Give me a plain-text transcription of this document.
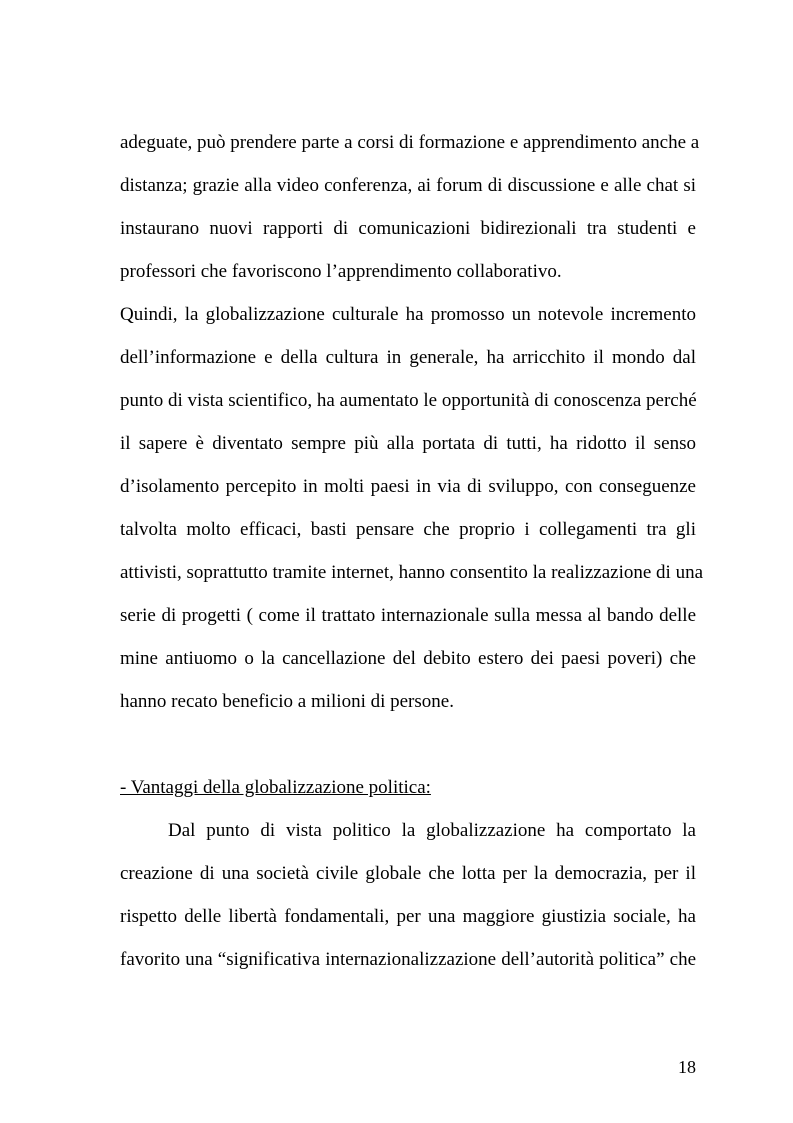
adeguate, può prendere parte a corsi di formazione e apprendimento anche a
distanza; grazie alla video conferenza, ai forum di discussione e alle chat si
instaurano nuovi rapporti di comunicazioni bidirezionali tra studenti e
professori che favoriscono l’apprendimento collaborativo.
Quindi, la globalizzazione culturale ha promosso un notevole incremento
dell’informazione e della cultura in generale, ha arricchito il mondo dal
punto di vista scientifico, ha aumentato le opportunità di conoscenza perché
il sapere è diventato sempre più alla portata di tutti, ha ridotto il senso
d’isolamento percepito in molti paesi in via di sviluppo, con conseguenze
talvolta molto efficaci, basti pensare che proprio i collegamenti tra gli
attivisti, soprattutto tramite internet, hanno consentito la realizzazione di una
serie di progetti ( come il trattato internazionale sulla messa al bando delle
mine antiuomo o la cancellazione del debito estero dei paesi poveri) che
hanno recato beneficio a milioni di persone.
- Vantaggi della globalizzazione politica:
Dal punto di vista politico la globalizzazione ha comportato la
creazione di una società civile globale che lotta per la democrazia, per il
rispetto delle libertà fondamentali, per una maggiore giustizia sociale, ha
favorito una “significativa internazionalizzazione dell’autorità politica” che
18
